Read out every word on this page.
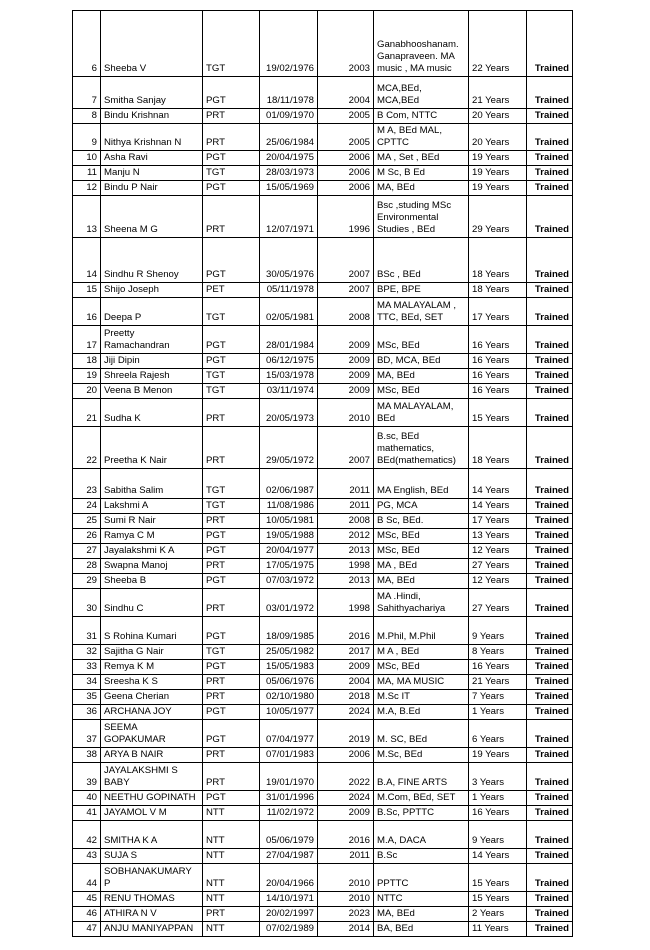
6	Sheeba V	TGT	19/02/1976	2003	Ganabhooshanam.
Ganapraveen. MA
music , MA music	22 Years	Trained
7	Smitha Sanjay	PGT	18/11/1978	2004	MCA,BEd,
MCA,BEd	21 Years	Trained
8	Bindu Krishnan	PRT	01/09/1970	2005	B Com, NTTC	20 Years	Trained
9	Nithya Krishnan N	PRT	25/06/1984	2005	M A, BEd MAL,
CPTTC	20 Years	Trained
10	Asha Ravi	PGT	20/04/1975	2006	MA , Set , BEd	19 Years	Trained
11	Manju N	TGT	28/03/1973	2006	M Sc, B Ed	19 Years	Trained
12	Bindu P Nair	PGT	15/05/1969	2006	MA, BEd	19 Years	Trained
13	Sheena M G	PRT	12/07/1971	1996	Bsc ,studing MSc
Environmental
Studies , BEd	29 Years	Trained
14	Sindhu R Shenoy	PGT	30/05/1976	2007	BSc , BEd	18 Years	Trained
15	Shijo Joseph	PET	05/11/1978	2007	BPE, BPE	18 Years	Trained
16	Deepa P	TGT	02/05/1981	2008	MA MALAYALAM ,
TTC, BEd, SET	17 Years	Trained
17	Preetty
Ramachandran	PGT	28/01/1984	2009	MSc, BEd	16 Years	Trained
18	Jiji Dipin	PGT	06/12/1975	2009	BD, MCA, BEd	16 Years	Trained
19	Shreela Rajesh	TGT	15/03/1978	2009	MA, BEd	16 Years	Trained
20	Veena B Menon	TGT	03/11/1974	2009	MSc, BEd	16 Years	Trained
21	Sudha K	PRT	20/05/1973	2010	MA MALAYALAM,
BEd	15 Years	Trained
22	Preetha K Nair	PRT	29/05/1972	2007	B.sc, BEd
mathematics,
BEd(mathematics)	18 Years	Trained
23	Sabitha Salim	TGT	02/06/1987	2011	MA English, BEd	14 Years	Trained
24	Lakshmi A	TGT	11/08/1986	2011	PG, MCA	14 Years	Trained
25	Sumi R Nair	PRT	10/05/1981	2008	B Sc, BEd.	17 Years	Trained
26	Ramya C M	PGT	19/05/1988	2012	MSc, BEd	13 Years	Trained
27	Jayalakshmi K A	PGT	20/04/1977	2013	MSc, BEd	12 Years	Trained
28	Swapna Manoj	PRT	17/05/1975	1998	MA , BEd	27 Years	Trained
29	Sheeba B	PGT	07/03/1972	2013	MA, BEd	12 Years	Trained
30	Sindhu C	PRT	03/01/1972	1998	MA .Hindi,
Sahithyachariya	27 Years	Trained
31	S Rohina Kumari	PGT	18/09/1985	2016	M.Phil, M.Phil	9 Years	Trained
32	Sajitha G Nair	TGT	25/05/1982	2017	M A , BEd	8 Years	Trained
33	Remya K M	PGT	15/05/1983	2009	MSc, BEd	16 Years	Trained
34	Sreesha K S	PRT	05/06/1976	2004	MA, MA MUSIC	21 Years	Trained
35	Geena Cherian	PRT	02/10/1980	2018	M.Sc IT	7 Years	Trained
36	ARCHANA JOY	PGT	10/05/1977	2024	M.A, B.Ed	1 Years	Trained
37	SEEMA
GOPAKUMAR	PGT	07/04/1977	2019	M. SC, BEd	6 Years	Trained
38	ARYA B NAIR	PRT	07/01/1983	2006	M.Sc, BEd	19 Years	Trained
39	JAYALAKSHMI S
BABY	PRT	19/01/1970	2022	B.A, FINE ARTS	3 Years	Trained
40	NEETHU GOPINATH	PGT	31/01/1996	2024	M.Com, BEd, SET	1 Years	Trained
41	JAYAMOL V M	NTT	11/02/1972	2009	B.Sc, PPTTC	16 Years	Trained
42	SMITHA K A	NTT	05/06/1979	2016	M.A, DACA	9 Years	Trained
43	SUJA S	NTT	27/04/1987	2011	B.Sc	14 Years	Trained
44	SOBHANAKUMARY
P	NTT	20/04/1966	2010	PPTTC	15 Years	Trained
45	RENU THOMAS	NTT	14/10/1971	2010	NTTC	15 Years	Trained
46	ATHIRA N V	PRT	20/02/1997	2023	MA, BEd	2 Years	Trained
47	ANJU MANIYAPPAN	NTT	07/02/1989	2014	BA, BEd	11 Years	Trained
